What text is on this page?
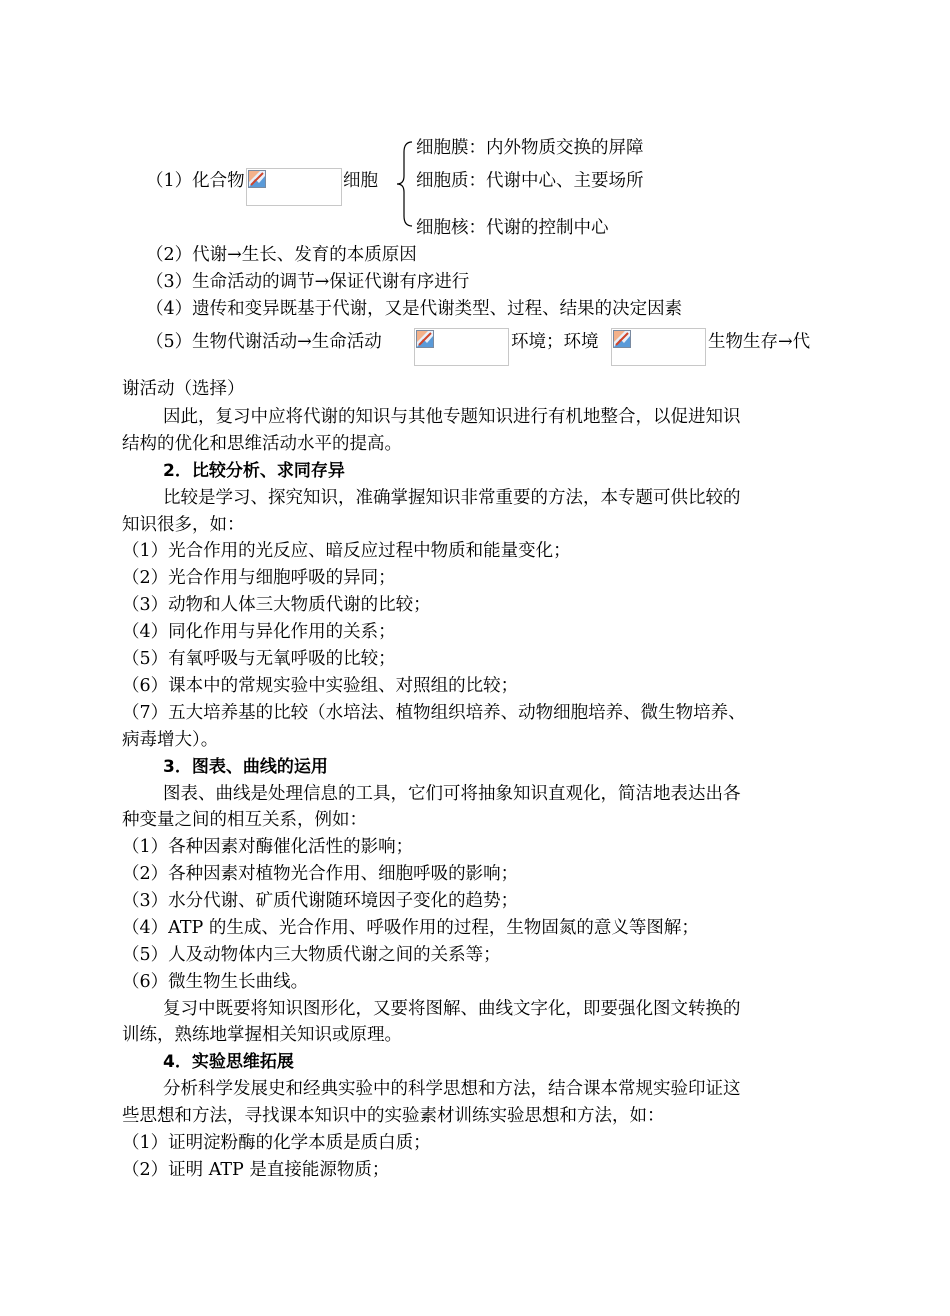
（1）化合物	细胞
细胞膜：内外物质交换的屏障
细胞质：代谢中心、主要场所
细胞核：代谢的控制中心
（2）代谢→生长、发育的本质原因
（3）生命活动的调节→保证代谢有序进行
（4）遗传和变异既基于代谢，又是代谢类型、过程、结果的决定因素
（5）生物代谢活动→生命活动	环境；环境	生物生存→代
谢活动（选择）
因此，复习中应将代谢的知识与其他专题知识进行有机地整合，以促进知识
结构的优化和思维活动水平的提高。
2．比较分析、求同存异
比较是学习、探究知识，准确掌握知识非常重要的方法，本专题可供比较的
知识很多，如：
（1）光合作用的光反应、暗反应过程中物质和能量变化；
（2）光合作用与细胞呼吸的异同；
（3）动物和人体三大物质代谢的比较；
（4）同化作用与异化作用的关系；
（5）有氧呼吸与无氧呼吸的比较；
（6）课本中的常规实验中实验组、对照组的比较；
（7）五大培养基的比较（水培法、植物组织培养、动物细胞培养、微生物培养、
病毒增大）。
3．图表、曲线的运用
图表、曲线是处理信息的工具，它们可将抽象知识直观化，简洁地表达出各
种变量之间的相互关系，例如：
（1）各种因素对酶催化活性的影响；
（2）各种因素对植物光合作用、细胞呼吸的影响；
（3）水分代谢、矿质代谢随环境因子变化的趋势；
（4）ATP 的生成、光合作用、呼吸作用的过程，生物固氮的意义等图解；
（5）人及动物体内三大物质代谢之间的关系等；
（6）微生物生长曲线。
复习中既要将知识图形化，又要将图解、曲线文字化，即要强化图文转换的
训练，熟练地掌握相关知识或原理。
4．实验思维拓展
分析科学发展史和经典实验中的科学思想和方法，结合课本常规实验印证这
些思想和方法，寻找课本知识中的实验素材训练实验思想和方法，如：
（1）证明淀粉酶的化学本质是质白质；
（2）证明 ATP 是直接能源物质；
